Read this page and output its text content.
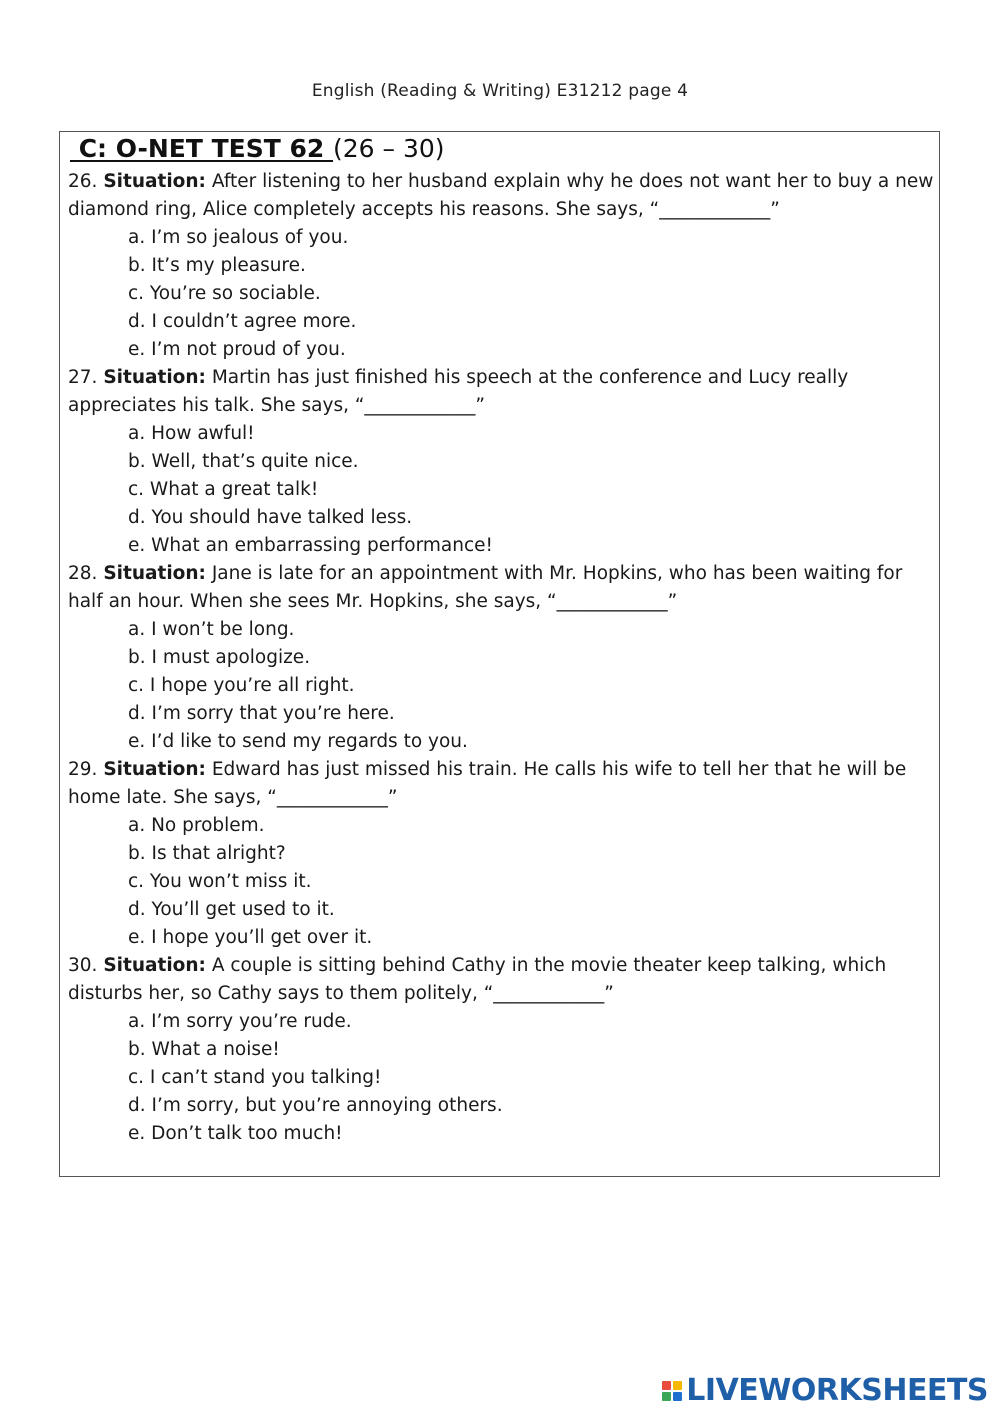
English (Reading & Writing) E31212 page 4
C: O-NET TEST 62 (26 – 30)

26. Situation: After listening to her husband explain why he does not want her to buy a new diamond ring, Alice completely accepts his reasons. She says, “____________”

a. I’m so jealous of you.
b. It’s my pleasure.
c. You’re so sociable.
d. I couldn’t agree more.
e. I’m not proud of you.

27. Situation: Martin has just finished his speech at the conference and Lucy really appreciates his talk. She says, “____________”

a. How awful!
b. Well, that’s quite nice.
c. What a great talk!
d. You should have talked less.
e. What an embarrassing performance!

28. Situation: Jane is late for an appointment with Mr. Hopkins, who has been waiting for half an hour. When she sees Mr. Hopkins, she says, “____________”

a. I won’t be long.
b. I must apologize.
c. I hope you’re all right.
d. I’m sorry that you’re here.
e. I’d like to send my regards to you.

29. Situation: Edward has just missed his train. He calls his wife to tell her that he will be home late. She says, “____________”

a. No problem.
b. Is that alright?
c. You won’t miss it.
d. You’ll get used to it.
e. I hope you’ll get over it.

30. Situation: A couple is sitting behind Cathy in the movie theater keep talking, which disturbs her, so Cathy says to them politely, “____________”

a. I’m sorry you’re rude.
b. What a noise!
c. I can’t stand you talking!
d. I’m sorry, but you’re annoying others.
e. Don’t talk too much!
LIVEWORKSHEETS
